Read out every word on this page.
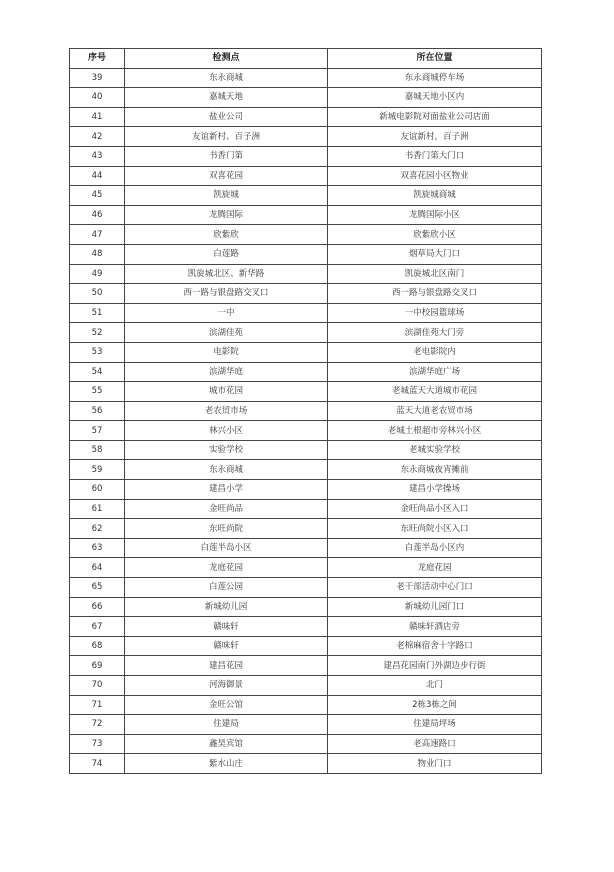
序号	检测点	所在位置
39	东永商城	东永商城停车场
40	嘉城天地	嘉城天地小区内
41	盐业公司	新城电影院对面盐业公司店面
42	友谊新村、百子洲	友谊新村，百子洲
43	书香门第	书香门第大门口
44	双喜花园	双喜花园小区物业
45	凯旋城	凯旋城商城
46	龙腾国际	龙腾国际小区
47	欣紫欣	欣紫欣小区
48	白莲路	烟草局大门口
49	凯旋城北区、新华路	凯旋城北区南门
50	西一路与银盘路交叉口	西一路与银盘路交叉口
51	一中	一中校园篮球场
52	滨湖佳苑	滨湖佳苑大门旁
53	电影院	老电影院内
54	滨湖华庭	滨湖华庭广场
55	城市花园	老城蓝天大道城市花园
56	老农贸市场	蓝天大道老农贸市场
57	林兴小区	老城土根超市旁林兴小区
58	实验学校	老城实验学校
59	东永商城	东永商城夜宵摊前
60	建昌小学	建昌小学操场
61	金旺尚品	金旺尚品小区入口
62	东旺尚院	东旺尚院小区入口
63	白莲半岛小区	白莲半岛小区内
64	龙庭花园	龙庭花园
65	白莲公园	老干部活动中心门口
66	新城幼儿园	新城幼儿园门口
67	赣味轩	赣味轩酒店旁
68	赣味轩	老棉麻宿舍十字路口
69	建昌花园	建昌花园南门外湖边步行街
70	河海御景	北门
71	金旺公馆	2栋3栋之间
72	住建局	住建局坪场
73	鑫昊宾馆	老高速路口
74	紫水山庄	物业门口
